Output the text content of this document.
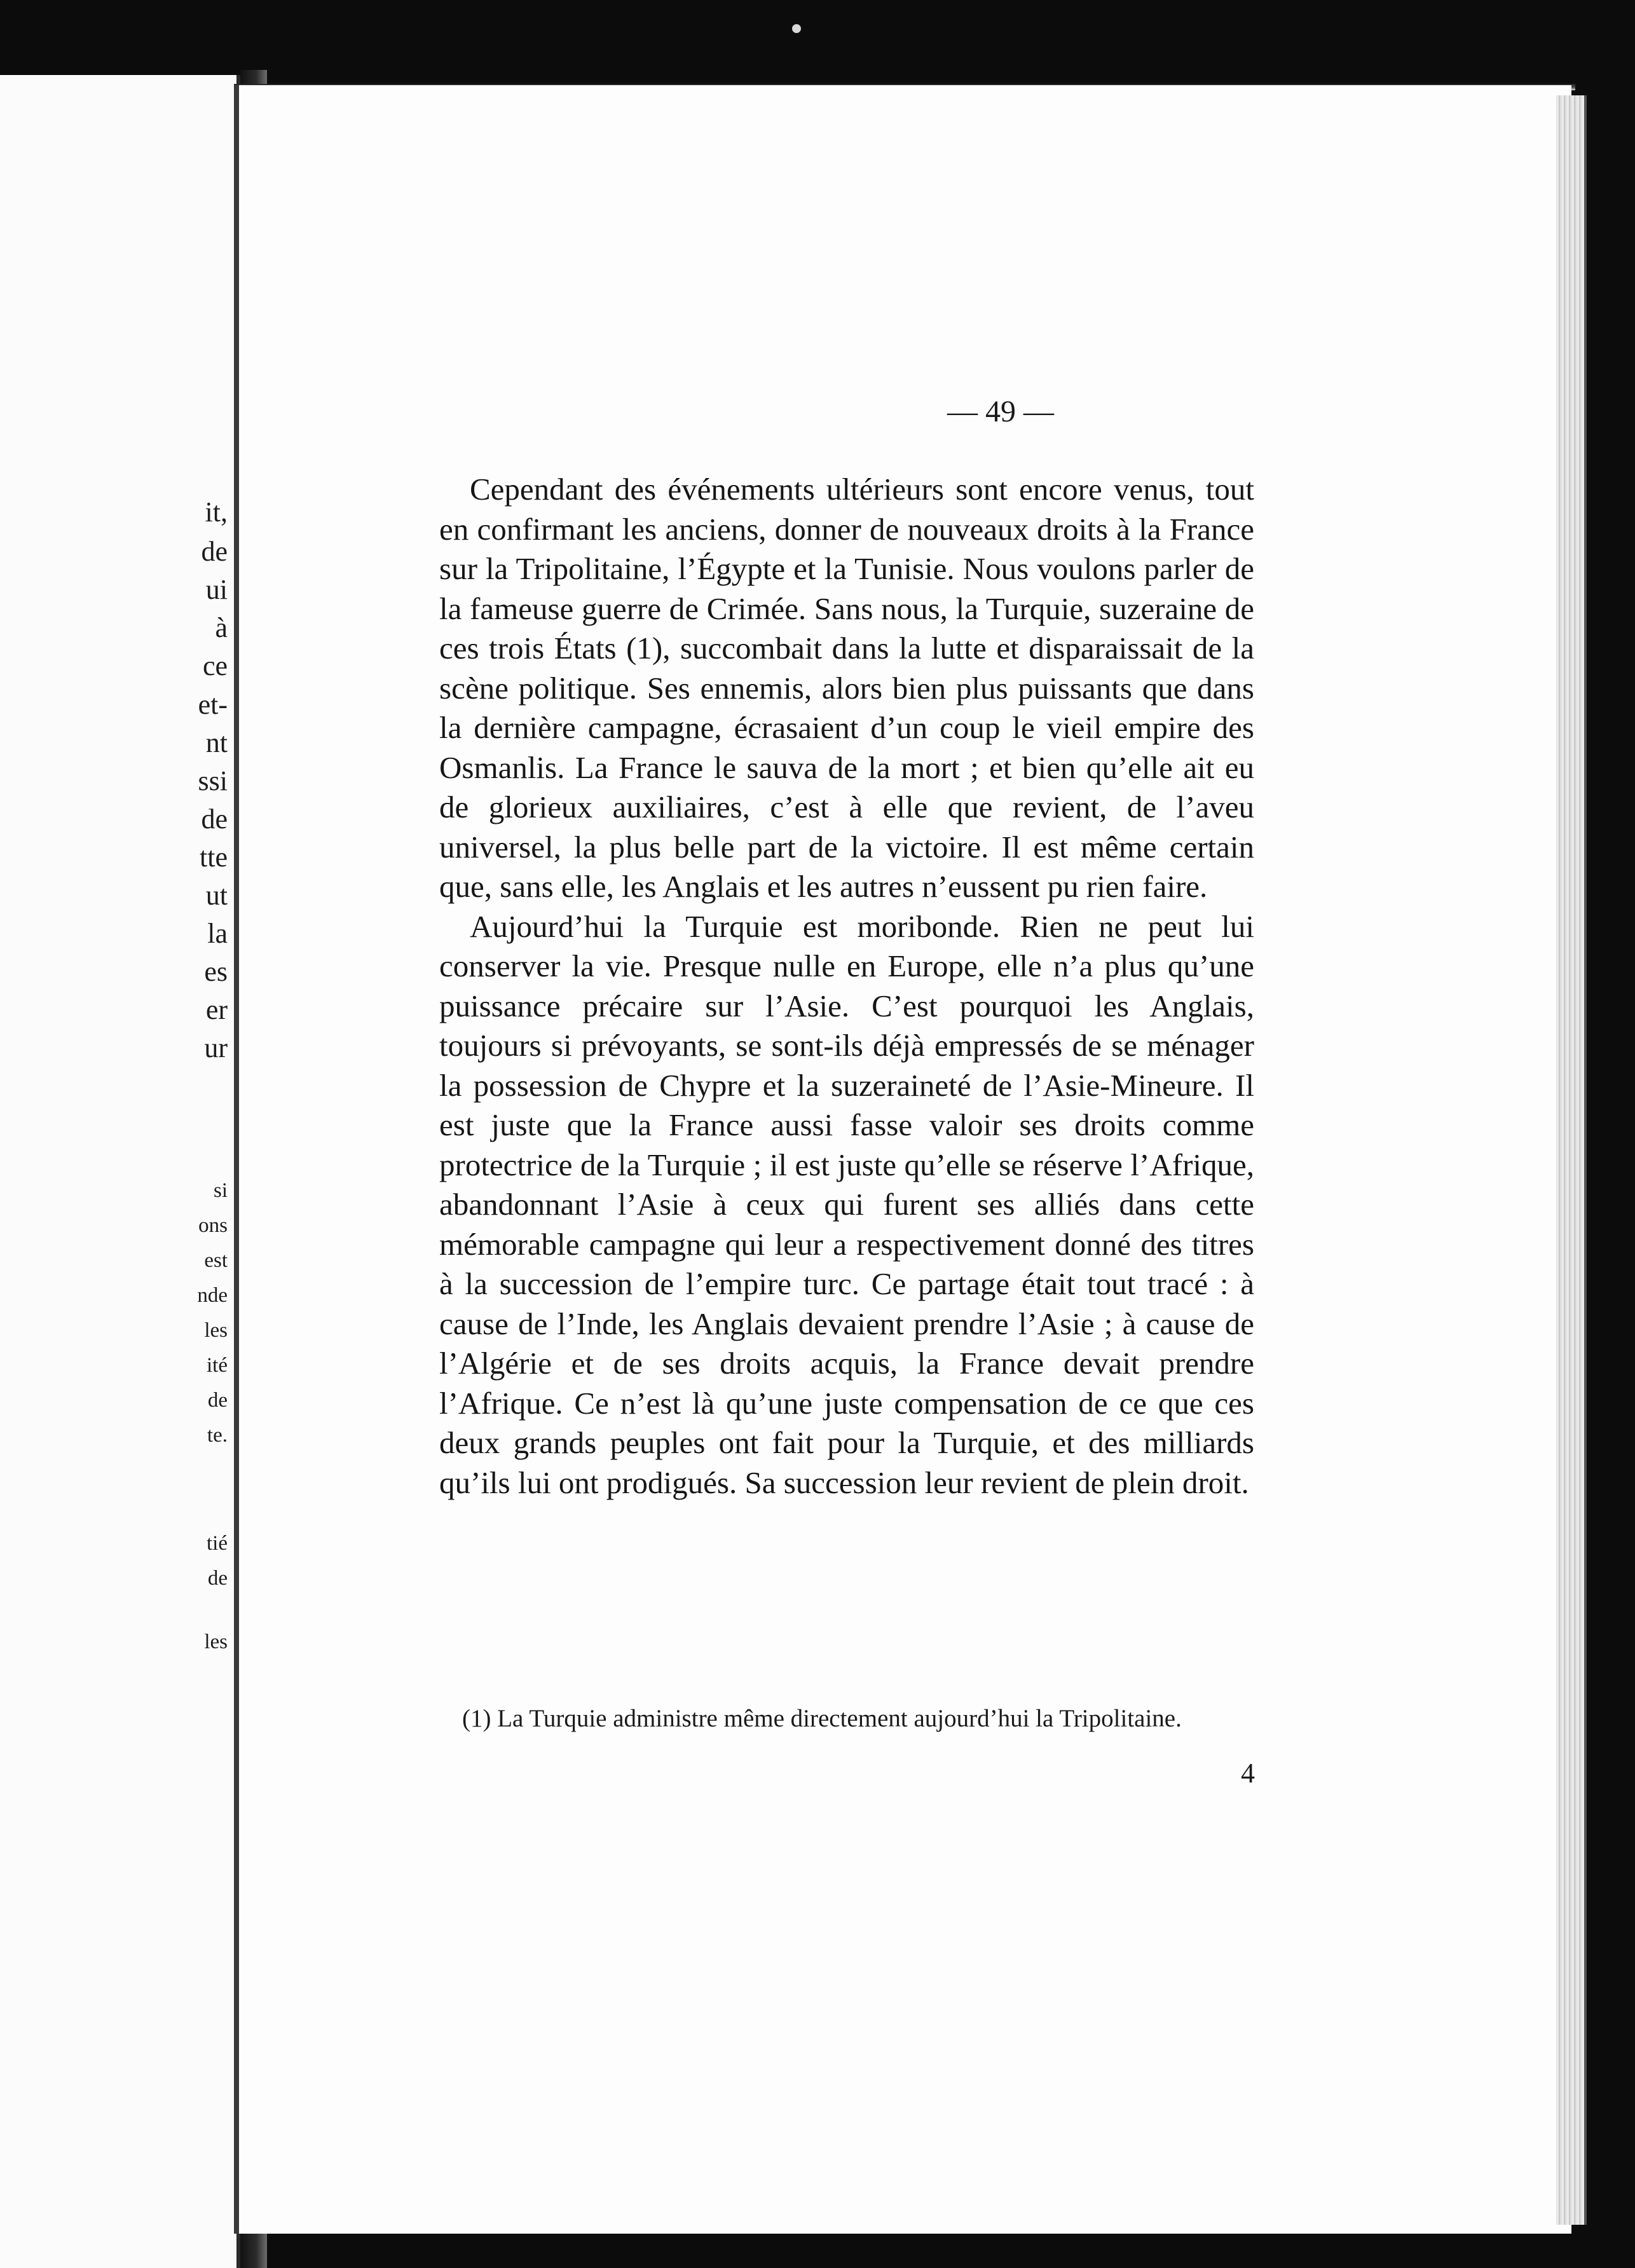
it,

de

ui

à

ce

et-

nt

ssi

de

tte

ut

la

es

er

ur

si

ons

est

nde

les

ité

de

te.

tié

de

les

— 49 —

Cependant des événements ultérieurs sont encore venus, tout en confirmant les anciens, donner de nouveaux droits à la France sur la Tripolitaine, l’Égypte et la Tunisie. Nous voulons parler de la fameuse guerre de Crimée. Sans nous, la Turquie, suzeraine de ces trois États (1), succombait dans la lutte et disparaissait de la scène politique. Ses ennemis, alors bien plus puissants que dans la dernière campagne, écrasaient d’un coup le vieil empire des Osmanlis. La France le sauva de la mort ; et bien qu’elle ait eu de glorieux auxiliaires, c’est à elle que revient, de l’aveu universel, la plus belle part de la victoire. Il est même certain que, sans elle, les Anglais et les autres n’eussent pu rien faire.

Aujourd’hui la Turquie est moribonde. Rien ne peut lui conserver la vie. Presque nulle en Europe, elle n’a plus qu’une puissance précaire sur l’Asie. C’est pourquoi les Anglais, toujours si prévoyants, se sont-ils déjà empressés de se ménager la possession de Chypre et la suzeraineté de l’Asie-Mineure. Il est juste que la France aussi fasse valoir ses droits comme protectrice de la Turquie ; il est juste qu’elle se réserve l’Afrique, abandonnant l’Asie à ceux qui furent ses alliés dans cette mémorable campagne qui leur a respectivement donné des titres à la succession de l’empire turc. Ce partage était tout tracé : à cause de l’Inde, les Anglais devaient prendre l’Asie ; à cause de l’Algérie et de ses droits acquis, la France devait prendre l’Afrique. Ce n’est là qu’une juste compensation de ce que ces deux grands peuples ont fait pour la Turquie, et des milliards qu’ils lui ont prodigués. Sa succession leur revient de plein droit.

(1) La Turquie administre même directement aujourd’hui la Tripolitaine.

4
